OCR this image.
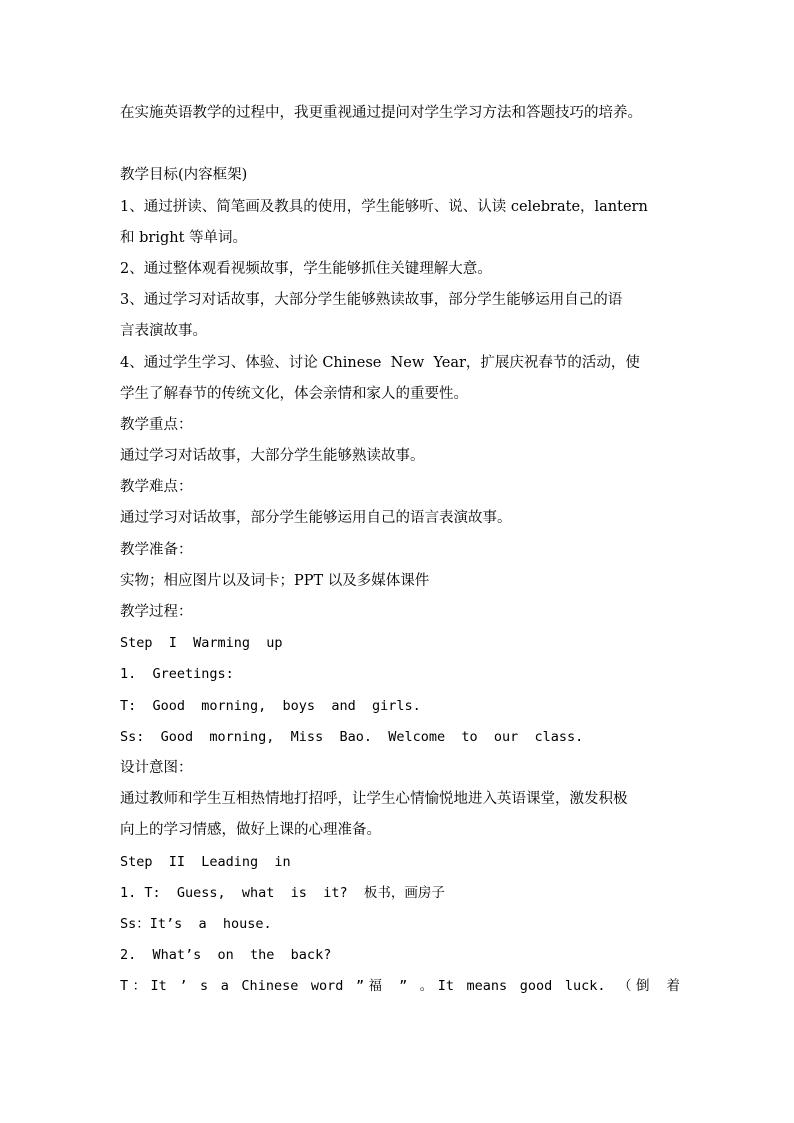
在实施英语教学的过程中，我更重视通过提问对学生学习方法和答题技巧的培养。
教学目标(内容框架)
1、通过拼读、简笔画及教具的使用，学生能够听、说、认读 celebrate，lantern
和 bright 等单词。
2、通过整体观看视频故事，学生能够抓住关键理解大意。
3、通过学习对话故事，大部分学生能够熟读故事，部分学生能够运用自己的语
言表演故事。
4、通过学生学习、体验、讨论 Chinese  New  Year，扩展庆祝春节的活动，使
学生了解春节的传统文化，体会亲情和家人的重要性。
教学重点：
通过学习对话故事，大部分学生能够熟读故事。
教学难点：
通过学习对话故事，部分学生能够运用自己的语言表演故事。
教学准备：
实物；相应图片以及词卡；PPT 以及多媒体课件
教学过程：
Step  I  Warming  up
1.  Greetings:
T:  Good  morning,  boys  and  girls.
Ss:  Good  morning,  Miss  Bao.  Welcome  to  our  class.
设计意图：
通过教师和学生互相热情地打招呼，让学生心情愉悦地进入英语课堂，激发积极
向上的学习情感，做好上课的心理准备。
Step  II  Leading  in
1. T:  Guess,  what  is  it?  板书，画房子
Ss：It’s  a  house.
2.  What’s  on  the  back?
T：It ’ s a Chinese word ”福 ” 。It means good luck. （倒 着
